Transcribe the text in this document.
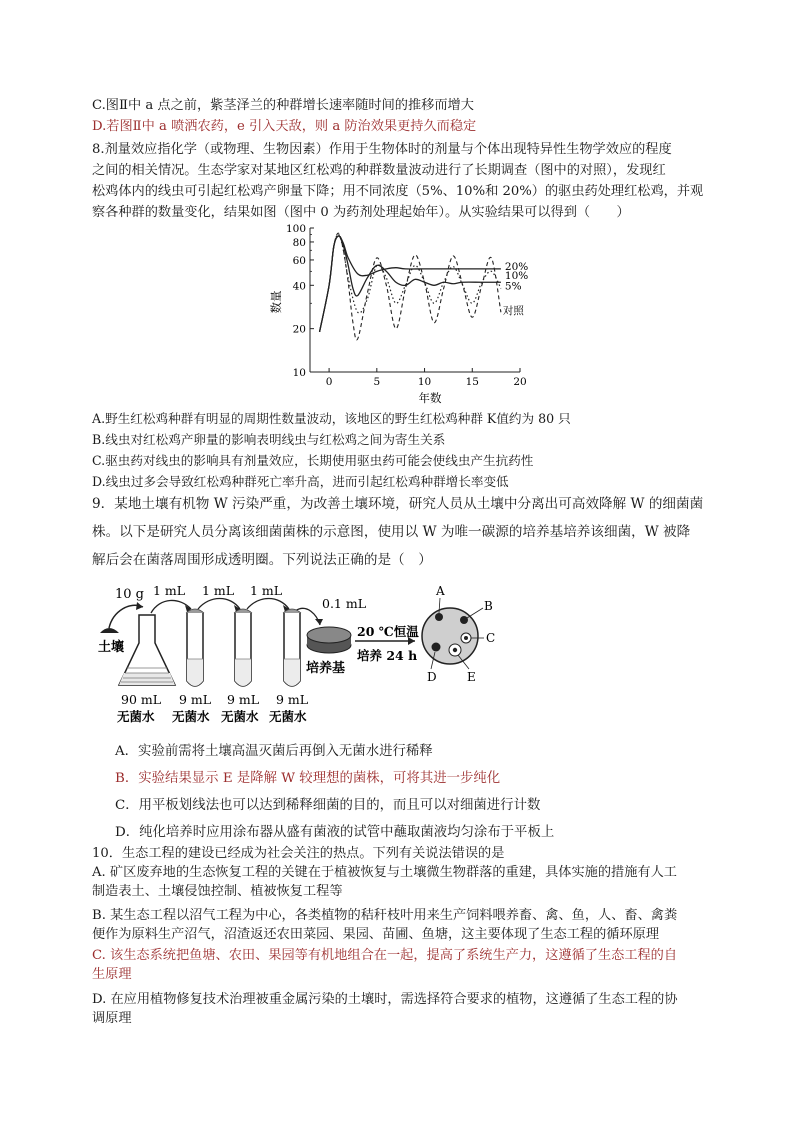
C.图Ⅱ中 a 点之前，紫茎泽兰的种群增长速率随时间的推移而增大
D.若图Ⅱ中 a 喷洒农药，e 引入天敌，则 a 防治效果更持久而稳定
8.剂量效应指化学（或物理、生物因素）作用于生物体时的剂量与个体出现特异性生物学效应的程度
之间的相关情况。生态学家对某地区红松鸡的种群数量波动进行了长期调查（图中的对照），发现红
松鸡体内的线虫可引起红松鸡产卵量下降；用不同浓度（5%、10%和 20%）的驱虫药处理红松鸡，并观
察各种群的数量变化，结果如图（图中 0 为药剂处理起始年）。从实验结果可以得到（　　）
10
20
40
60
80
100
0	5	10	15	20
年数
数量
20%
10%
5%
对照
A.野生红松鸡种群有明显的周期性数量波动，该地区的野生红松鸡种群 K值约为 80 只
B.线虫对红松鸡产卵量的影响表明线虫与红松鸡之间为寄生关系
C.驱虫药对线虫的影响具有剂量效应，长期使用驱虫药可能会使线虫产生抗药性
D.线虫过多会导致红松鸡种群死亡率升高，进而引起红松鸡种群增长率变低
9．某地土壤有机物 W 污染严重，为改善土壤环境，研究人员从土壤中分离出可高效降解 W 的细菌菌
株。以下是研究人员分离该细菌菌株的示意图，使用以 W 为唯一碳源的培养基培养该细菌，W 被降
解后会在菌落周围形成透明圈。下列说法正确的是（　）
土壤
10 g
90 mL
无菌水
1 mL 1 mL 1 mL
0.1 mL
9 mL 9 mL 9 mL
无菌水 无菌水 无菌水
培养基
20 ℃恒温
培养 24 h
A
B
C
D	E
A．实验前需将土壤高温灭菌后再倒入无菌水进行稀释
B．实验结果显示 E 是降解 W 较理想的菌株，可将其进一步纯化
C．用平板划线法也可以达到稀释细菌的目的，而且可以对细菌进行计数
D．纯化培养时应用涂布器从盛有菌液的试管中蘸取菌液均匀涂布于平板上
10．生态工程的建设已经成为社会关注的热点。下列有关说法错误的是
A. 矿区废弃地的生态恢复工程的关键在于植被恢复与土壤微生物群落的重建，具体实施的措施有人工
制造表土、土壤侵蚀控制、植被恢复工程等
B. 某生态工程以沼气工程为中心，各类植物的秸秆枝叶用来生产饲料喂养畜、禽、鱼，人、畜、禽粪
便作为原料生产沼气，沼渣返还农田菜园、果园、苗圃、鱼塘，这主要体现了生态工程的循环原理
C. 该生态系统把鱼塘、农田、果园等有机地组合在一起，提高了系统生产力，这遵循了生态工程的自
生原理
D. 在应用植物修复技术治理被重金属污染的土壤时，需选择符合要求的植物，这遵循了生态工程的协
调原理
